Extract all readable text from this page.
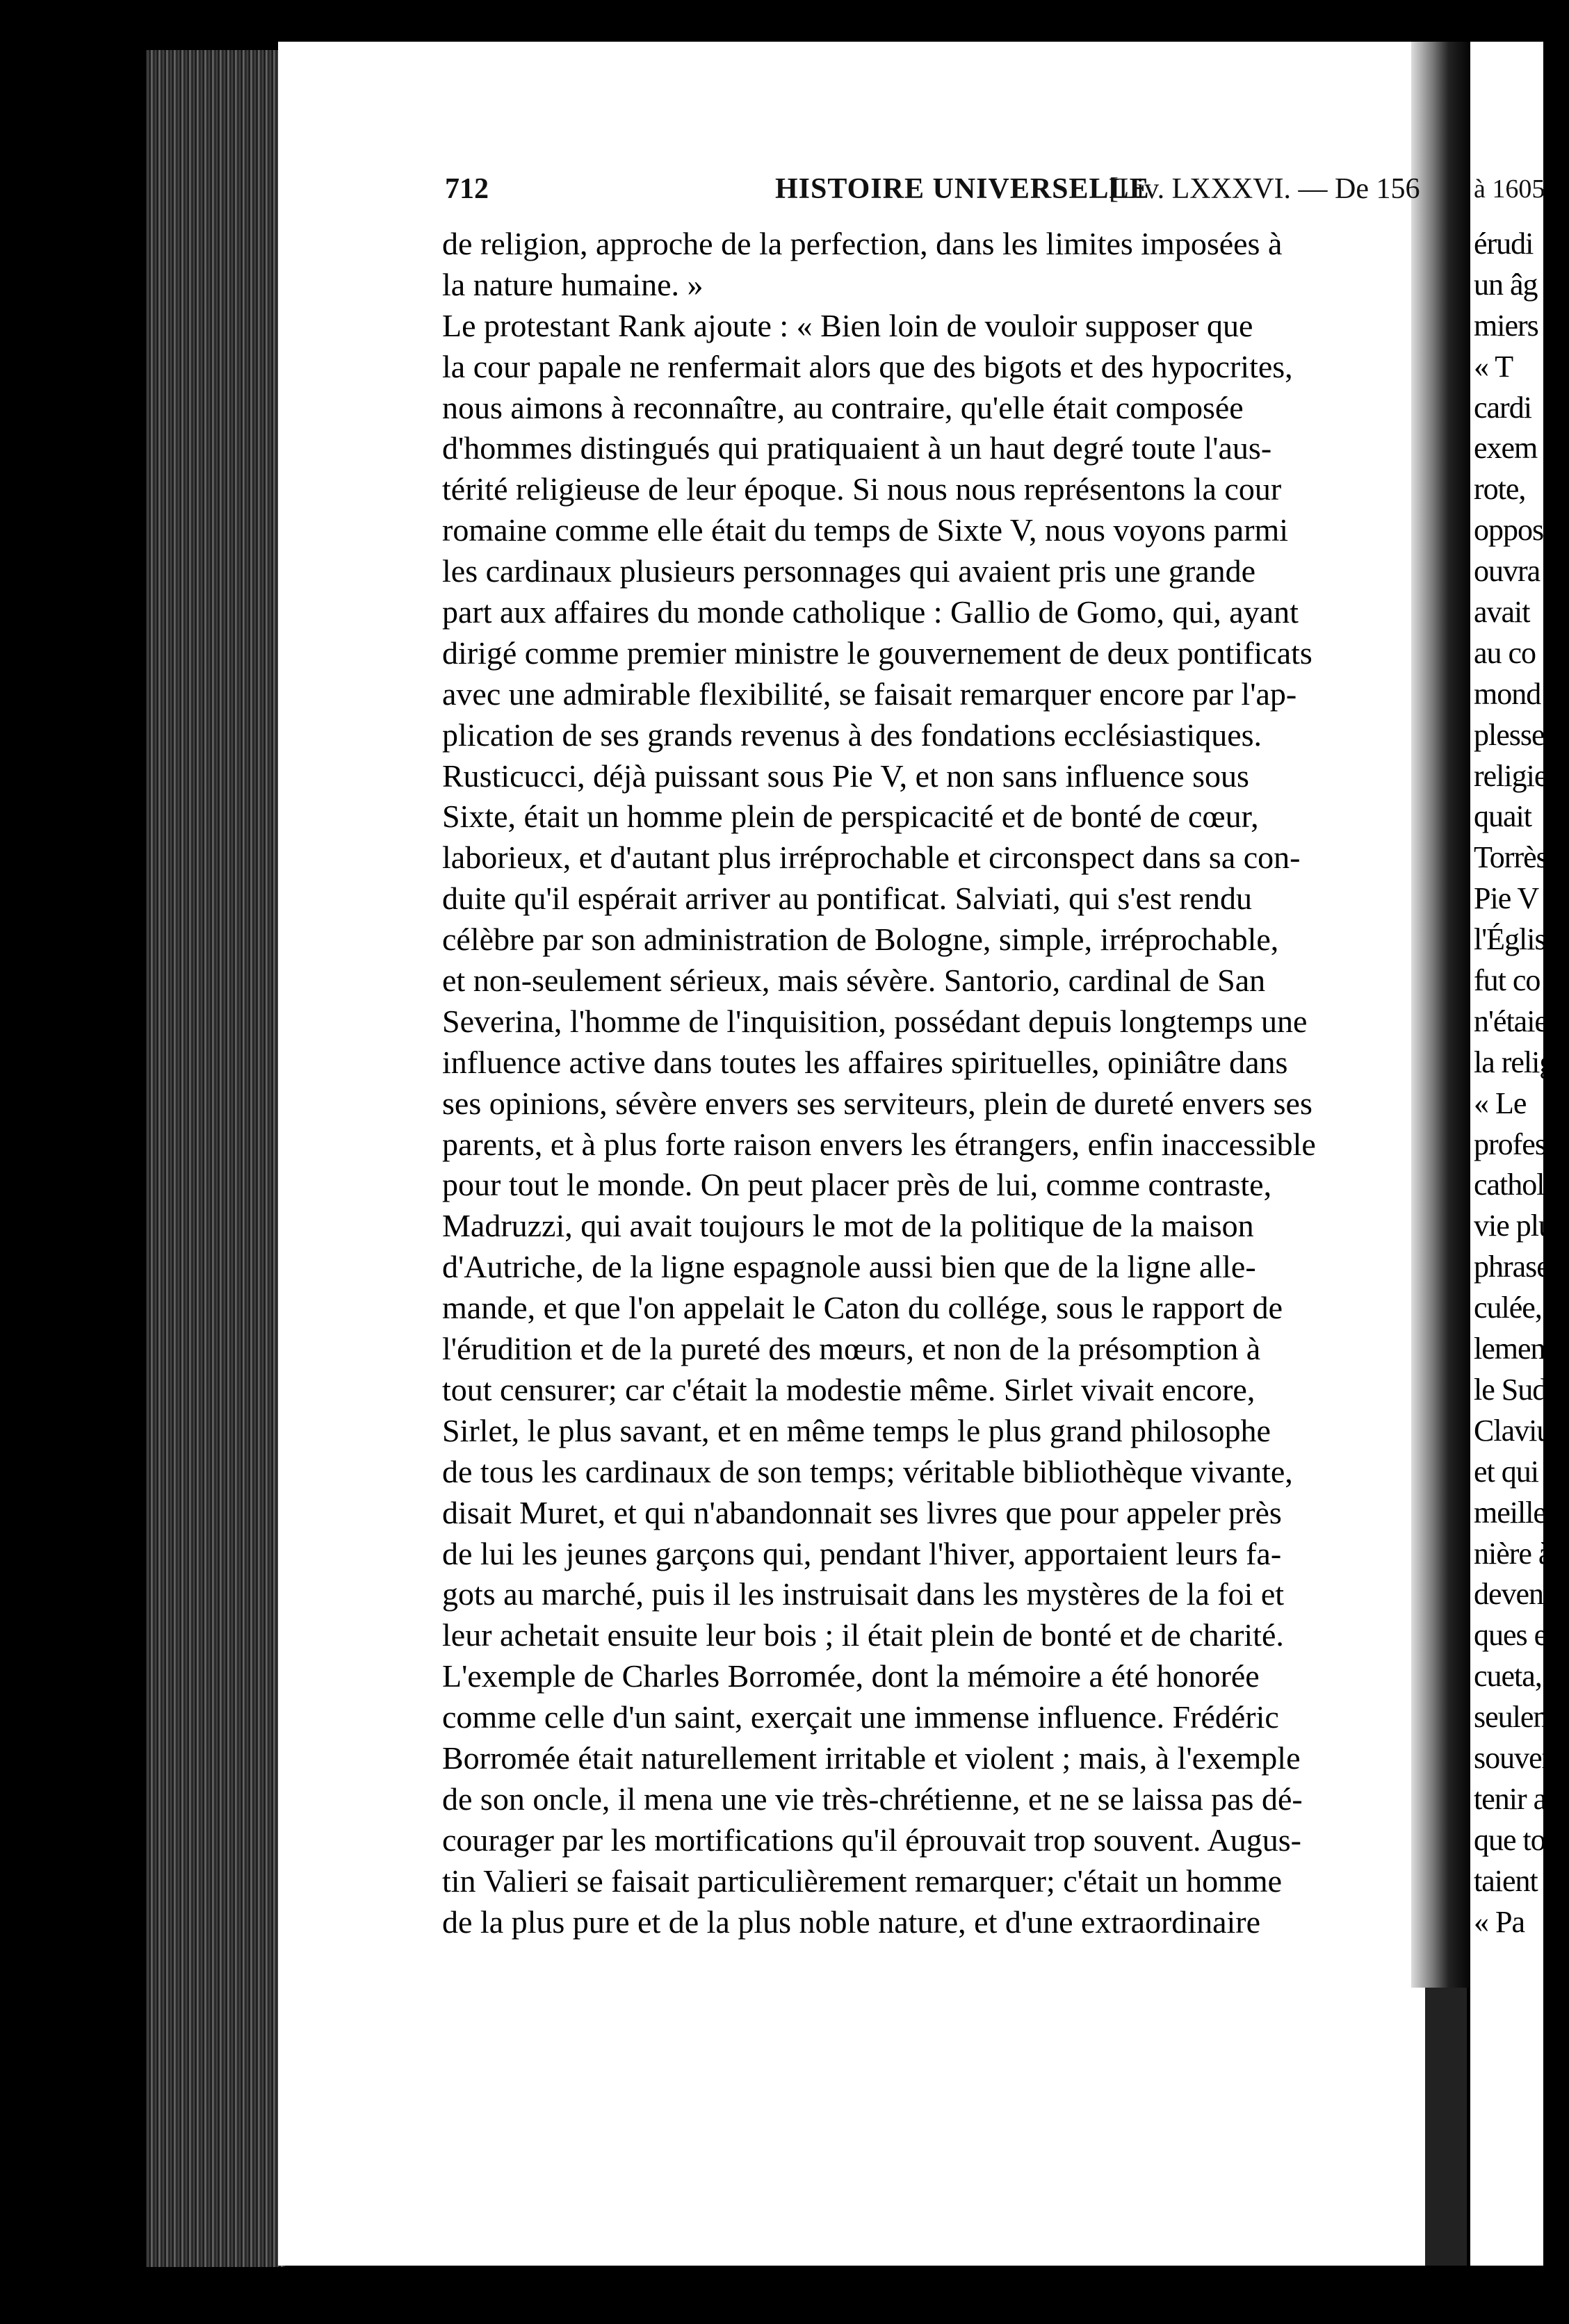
712	HISTOIRE UNIVERSELLE
[Liv. LXXXVI. — De 156
de religion, approche de la perfection, dans les limites imposées à
la nature humaine. »
Le protestant Rank ajoute : « Bien loin de vouloir supposer que
la cour papale ne renfermait alors que des bigots et des hypocrites,
nous aimons à reconnaître, au contraire, qu'elle était composée
d'hommes distingués qui pratiquaient à un haut degré toute l'aus-
térité religieuse de leur époque. Si nous nous représentons la cour
romaine comme elle était du temps de Sixte V, nous voyons parmi
les cardinaux plusieurs personnages qui avaient pris une grande
part aux affaires du monde catholique : Gallio de Gomo, qui, ayant
dirigé comme premier ministre le gouvernement de deux pontificats
avec une admirable flexibilité, se faisait remarquer encore par l'ap-
plication de ses grands revenus à des fondations ecclésiastiques.
Rusticucci, déjà puissant sous Pie V, et non sans influence sous
Sixte, était un homme plein de perspicacité et de bonté de cœur,
laborieux, et d'autant plus irréprochable et circonspect dans sa con-
duite qu'il espérait arriver au pontificat. Salviati, qui s'est rendu
célèbre par son administration de Bologne, simple, irréprochable,
et non-seulement sérieux, mais sévère. Santorio, cardinal de San
Severina, l'homme de l'inquisition, possédant depuis longtemps une
influence active dans toutes les affaires spirituelles, opiniâtre dans
ses opinions, sévère envers ses serviteurs, plein de dureté envers ses
parents, et à plus forte raison envers les étrangers, enfin inaccessible
pour tout le monde. On peut placer près de lui, comme contraste,
Madruzzi, qui avait toujours le mot de la politique de la maison
d'Autriche, de la ligne espagnole aussi bien que de la ligne alle-
mande, et que l'on appelait le Caton du collége, sous le rapport de
l'érudition et de la pureté des mœurs, et non de la présomption à
tout censurer; car c'était la modestie même. Sirlet vivait encore,
Sirlet, le plus savant, et en même temps le plus grand philosophe
de tous les cardinaux de son temps; véritable bibliothèque vivante,
disait Muret, et qui n'abandonnait ses livres que pour appeler près
de lui les jeunes garçons qui, pendant l'hiver, apportaient leurs fa-
gots au marché, puis il les instruisait dans les mystères de la foi et
leur achetait ensuite leur bois ; il était plein de bonté et de charité.
L'exemple de Charles Borromée, dont la mémoire a été honorée
comme celle d'un saint, exerçait une immense influence. Frédéric
Borromée était naturellement irritable et violent ; mais, à l'exemple
de son oncle, il mena une vie très-chrétienne, et ne se laissa pas dé-
courager par les mortifications qu'il éprouvait trop souvent. Augus-
tin Valieri se faisait particulièrement remarquer; c'était un homme
de la plus pure et de la plus noble nature, et d'une extraordinaire
à 1605
érudi
un âg
miers
« T
cardi
exem
rote,
oppos
ouvra
avait
au co
mond
plesse
religie
quait
Torrès
Pie V
l'Églis
fut co
n'étaie
la relig
« Le
profess
catholi
vie plu
phrase
culée,
lement
le Sud
Clavius
et qui
meilleu
nière à
devenu
ques et
cueta,
seuleme
souvent
tenir av
que tou
taient à
« Pa
